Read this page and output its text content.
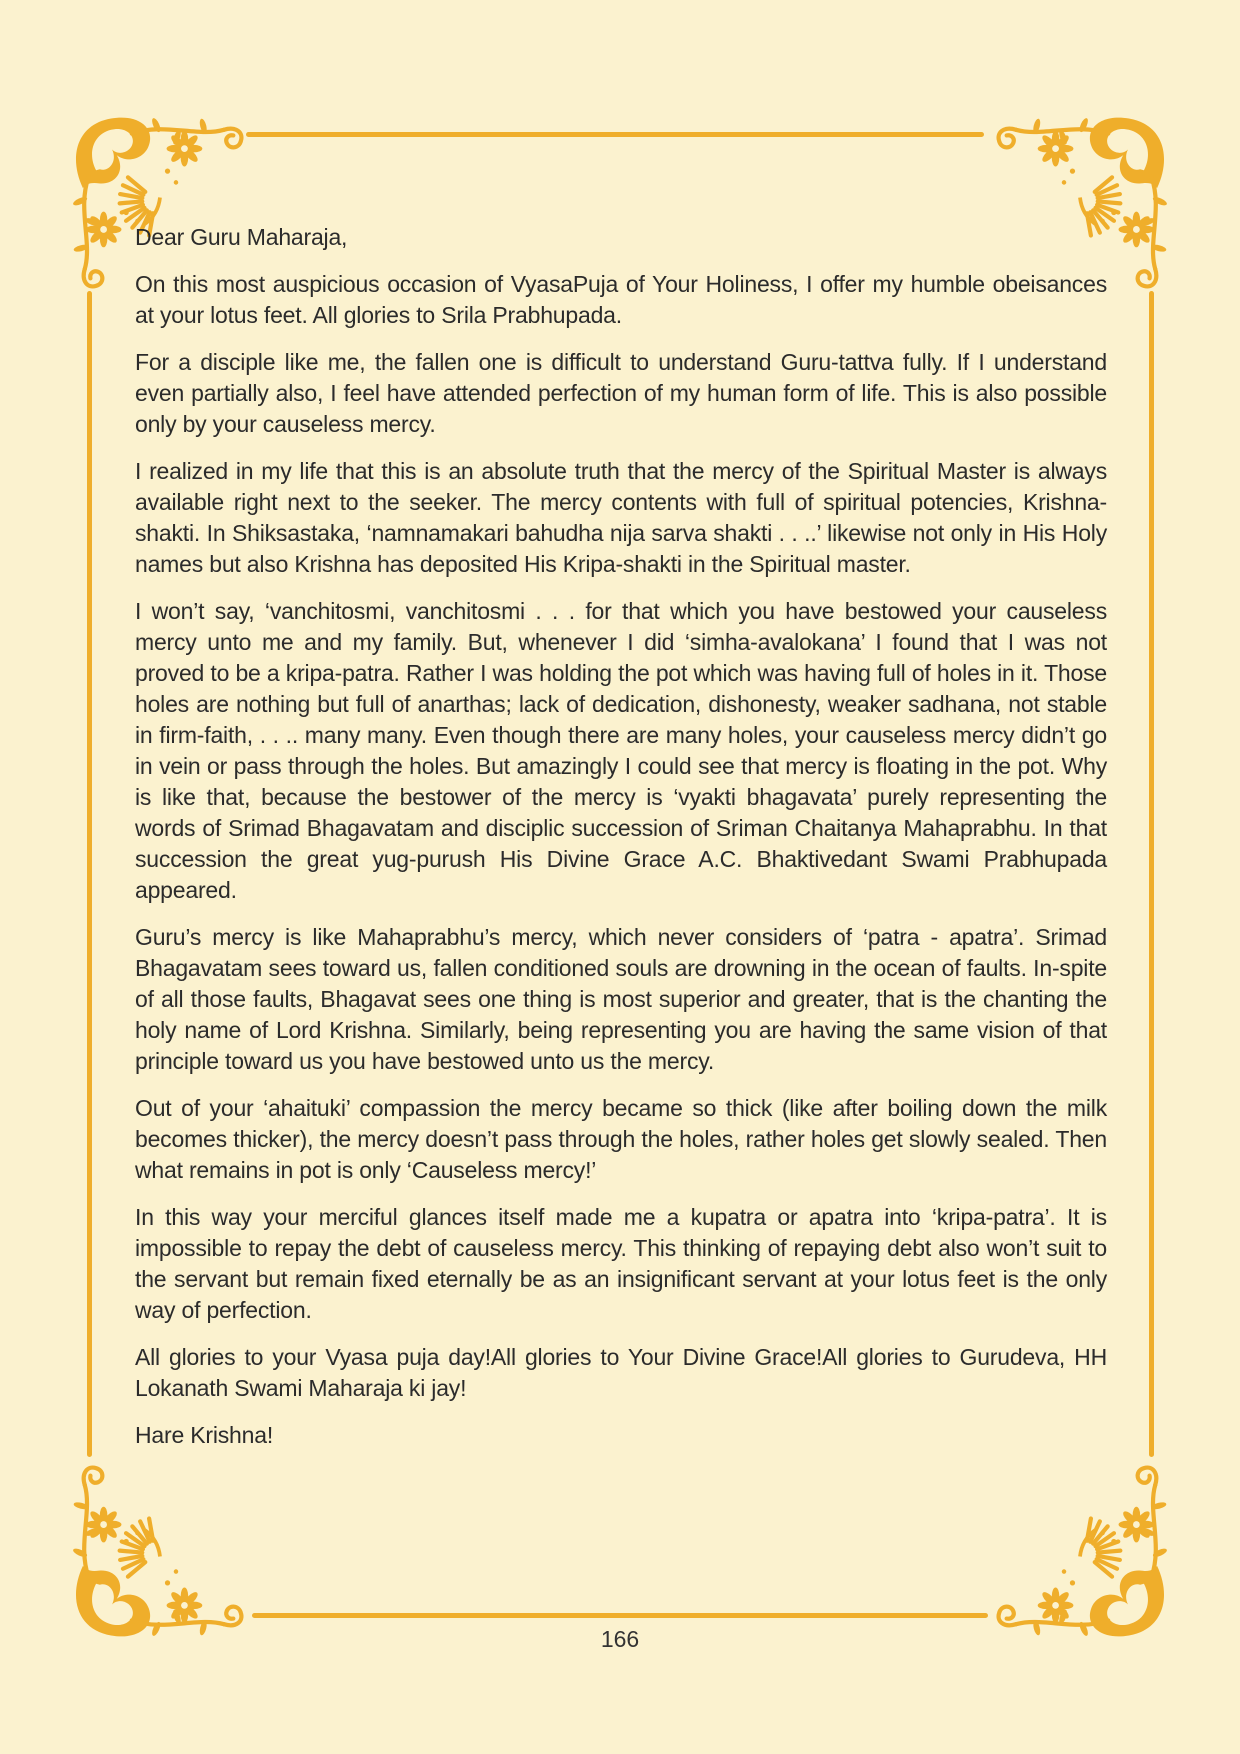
Dear Guru Maharaja,

On this most auspicious occasion of VyasaPuja of Your Holiness, I offer my humble obeisances at your lotus feet. All glories to Srila Prabhupada.

For a disciple like me, the fallen one is difficult to understand Guru-tattva fully. If I understand even partially also, I feel have attended perfection of my human form of life. This is also possible only by your causeless mercy.

I realized in my life that this is an absolute truth that the mercy of the Spiritual Master is always available right next to the seeker. The mercy contents with full of spiritual potencies, Krishna-shakti. In Shiksastaka, ‘namnamakari bahudha nija sarva shakti . . ..’ likewise not only in His Holy names but also Krishna has deposited His Kripa-shakti in the Spiritual master.

I won’t say, ‘vanchitosmi, vanchitosmi . . . for that which you have bestowed your causeless mercy unto me and my family. But, whenever I did ‘simha-avalokana’ I found that I was not proved to be a kripa-patra. Rather I was holding the pot which was having full of holes in it. Those holes are nothing but full of anarthas; lack of dedication, dishonesty, weaker sadhana, not stable in firm-faith, . . .. many many. Even though there are many holes, your causeless mercy didn’t go in vein or pass through the holes. But amazingly I could see that mercy is floating in the pot. Why is like that, because the bestower of the mercy is ‘vyakti bhagavata’ purely representing the words of Srimad Bhagavatam and disciplic succession of Sriman Chaitanya Mahaprabhu. In that succession the great yug-purush His Divine Grace A.C. Bhaktivedant Swami Prabhupada appeared.

Guru’s mercy is like Mahaprabhu’s mercy, which never considers of ‘patra - apatra’. Srimad Bhagavatam sees toward us, fallen conditioned souls are drowning in the ocean of faults. In-spite of all those faults, Bhagavat sees one thing is most superior and greater, that is the chanting the holy name of Lord Krishna. Similarly, being representing you are having the same vision of that principle toward us you have bestowed unto us the mercy.

Out of your ‘ahaituki’ compassion the mercy became so thick (like after boiling down the milk becomes thicker), the mercy doesn’t pass through the holes, rather holes get slowly sealed. Then what remains in pot is only ‘Causeless mercy!’

In this way your merciful glances itself made me a kupatra or apatra into ‘kripa-patra’. It is impossible to repay the debt of causeless mercy. This thinking of repaying debt also won’t suit to the servant but remain fixed eternally be as an insignificant servant at your lotus feet is the only way of perfection.

All glories to your Vyasa puja day!All glories to Your Divine Grace!All glories to Gurudeva, HH Lokanath Swami Maharaja ki jay!

Hare Krishna!

166
